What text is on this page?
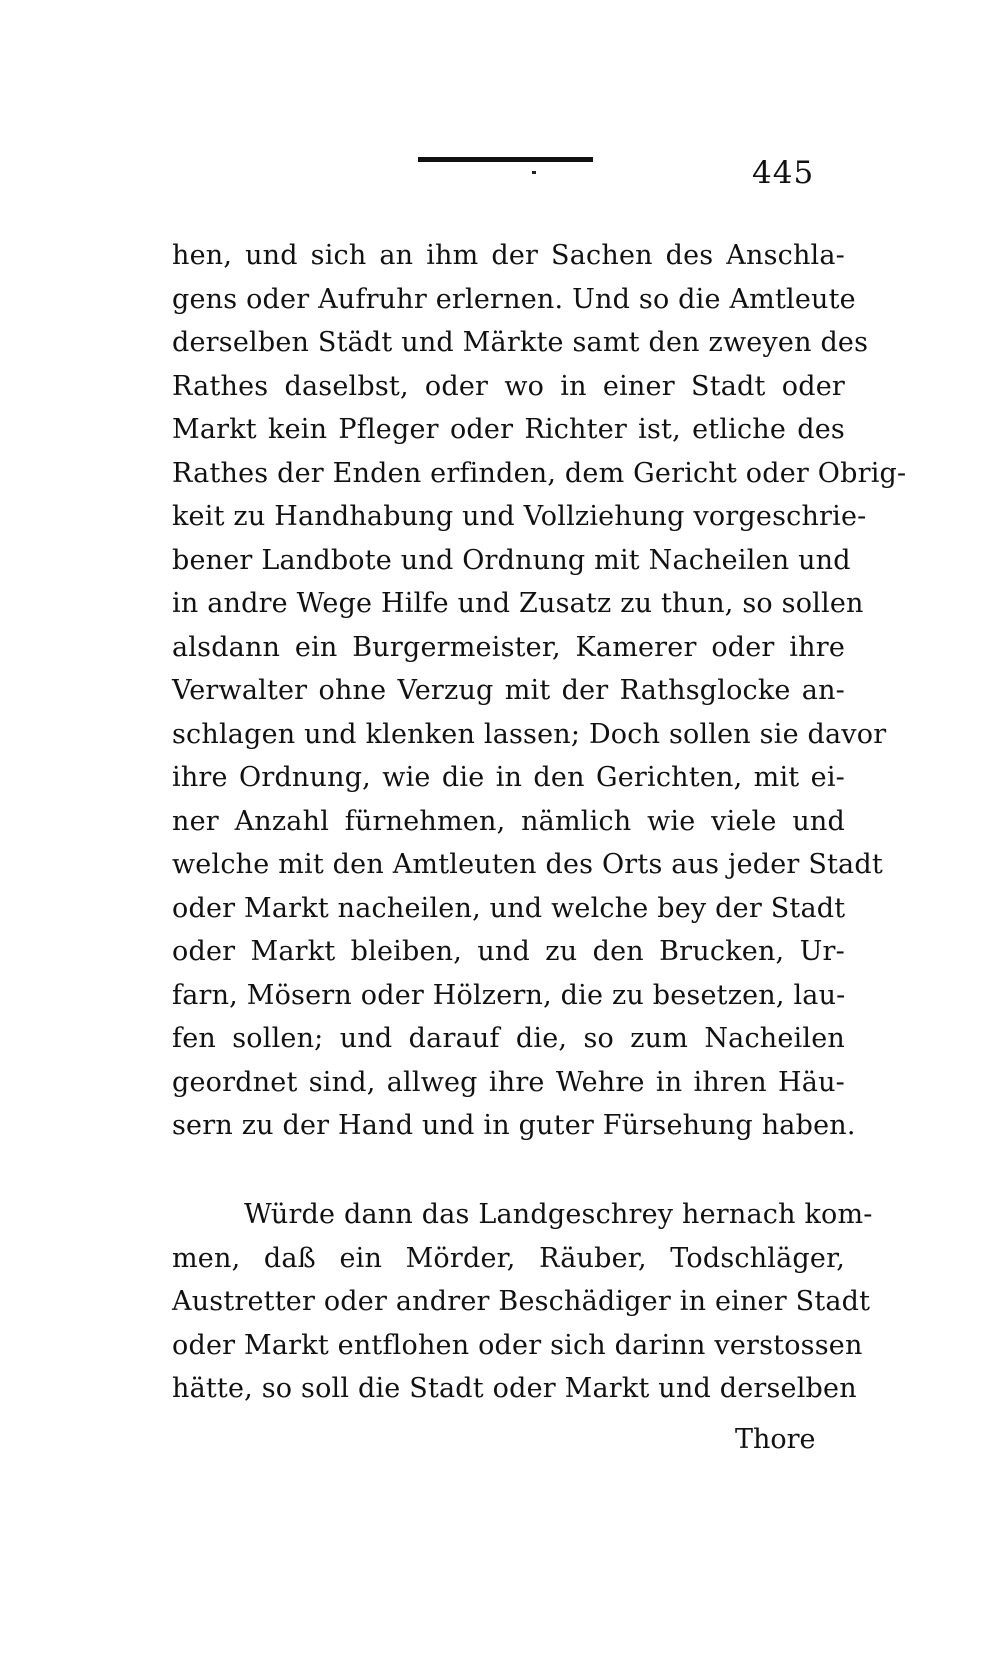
445
hen, und sich an ihm der Sachen des Anschla-
gens oder Aufruhr erlernen. Und so die Amtleute
derselben Städt und Märkte samt den zweyen des
Rathes daselbst, oder wo in einer Stadt oder
Markt kein Pfleger oder Richter ist, etliche des
Rathes der Enden erfinden, dem Gericht oder Obrig-
keit zu Handhabung und Vollziehung vorgeschrie-
bener Landbote und Ordnung mit Nacheilen und
in andre Wege Hilfe und Zusatz zu thun, so sollen
alsdann ein Burgermeister, Kamerer oder ihre
Verwalter ohne Verzug mit der Rathsglocke an-
schlagen und klenken lassen; Doch sollen sie davor
ihre Ordnung, wie die in den Gerichten, mit ei-
ner Anzahl fürnehmen, nämlich wie viele und
welche mit den Amtleuten des Orts aus jeder Stadt
oder Markt nacheilen, und welche bey der Stadt
oder Markt bleiben, und zu den Brucken, Ur-
farn, Mösern oder Hölzern, die zu besetzen, lau-
fen sollen; und darauf die, so zum Nacheilen
geordnet sind, allweg ihre Wehre in ihren Häu-
sern zu der Hand und in guter Fürsehung haben.
Würde dann das Landgeschrey hernach kom-
men, daß ein Mörder, Räuber, Todschläger,
Austretter oder andrer Beschädiger in einer Stadt
oder Markt entflohen oder sich darinn verstossen
hätte, so soll die Stadt oder Markt und derselben
Thore
